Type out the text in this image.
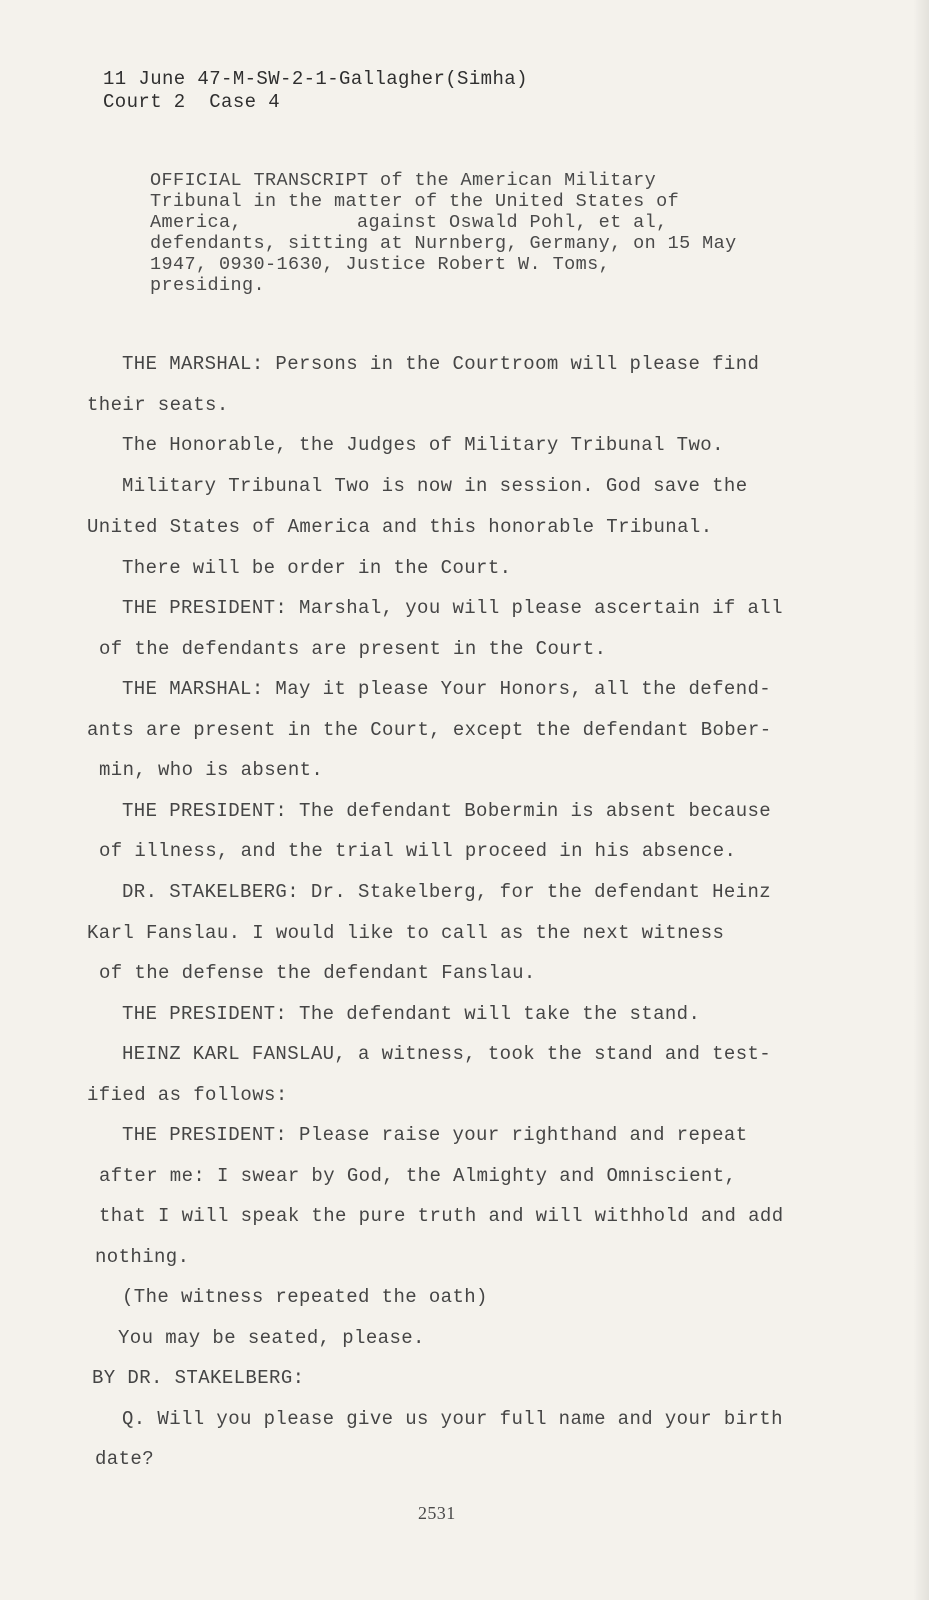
11 June 47-M-SW-2-1-Gallagher(Simha)
Court 2  Case 4
OFFICIAL TRANSCRIPT of the American Military
Tribunal in the matter of the United States of
America,          against Oswald Pohl, et al,
defendants, sitting at Nurnberg, Germany, on 15 May
1947, 0930-1630, Justice Robert W. Toms,
presiding.
THE MARSHAL: Persons in the Courtroom will please find
their seats.
The Honorable, the Judges of Military Tribunal Two.
Military Tribunal Two is now in session. God save the
United States of America and this honorable Tribunal.
There will be order in the Court.
THE PRESIDENT: Marshal, you will please ascertain if all
of the defendants are present in the Court.
THE MARSHAL: May it please Your Honors, all the defend-
ants are present in the Court, except the defendant Bober-
min, who is absent.
THE PRESIDENT: The defendant Bobermin is absent because
of illness, and the trial will proceed in his absence.
DR. STAKELBERG: Dr. Stakelberg, for the defendant Heinz
Karl Fanslau. I would like to call as the next witness
of the defense the defendant Fanslau.
THE PRESIDENT: The defendant will take the stand.
HEINZ KARL FANSLAU, a witness, took the stand and test-
ified as follows:
THE PRESIDENT: Please raise your righthand and repeat
after me: I swear by God, the Almighty and Omniscient,
that I will speak the pure truth and will withhold and add
nothing.
(The witness repeated the oath)
You may be seated, please.
BY DR. STAKELBERG:
Q. Will you please give us your full name and your birth
date?
2531
